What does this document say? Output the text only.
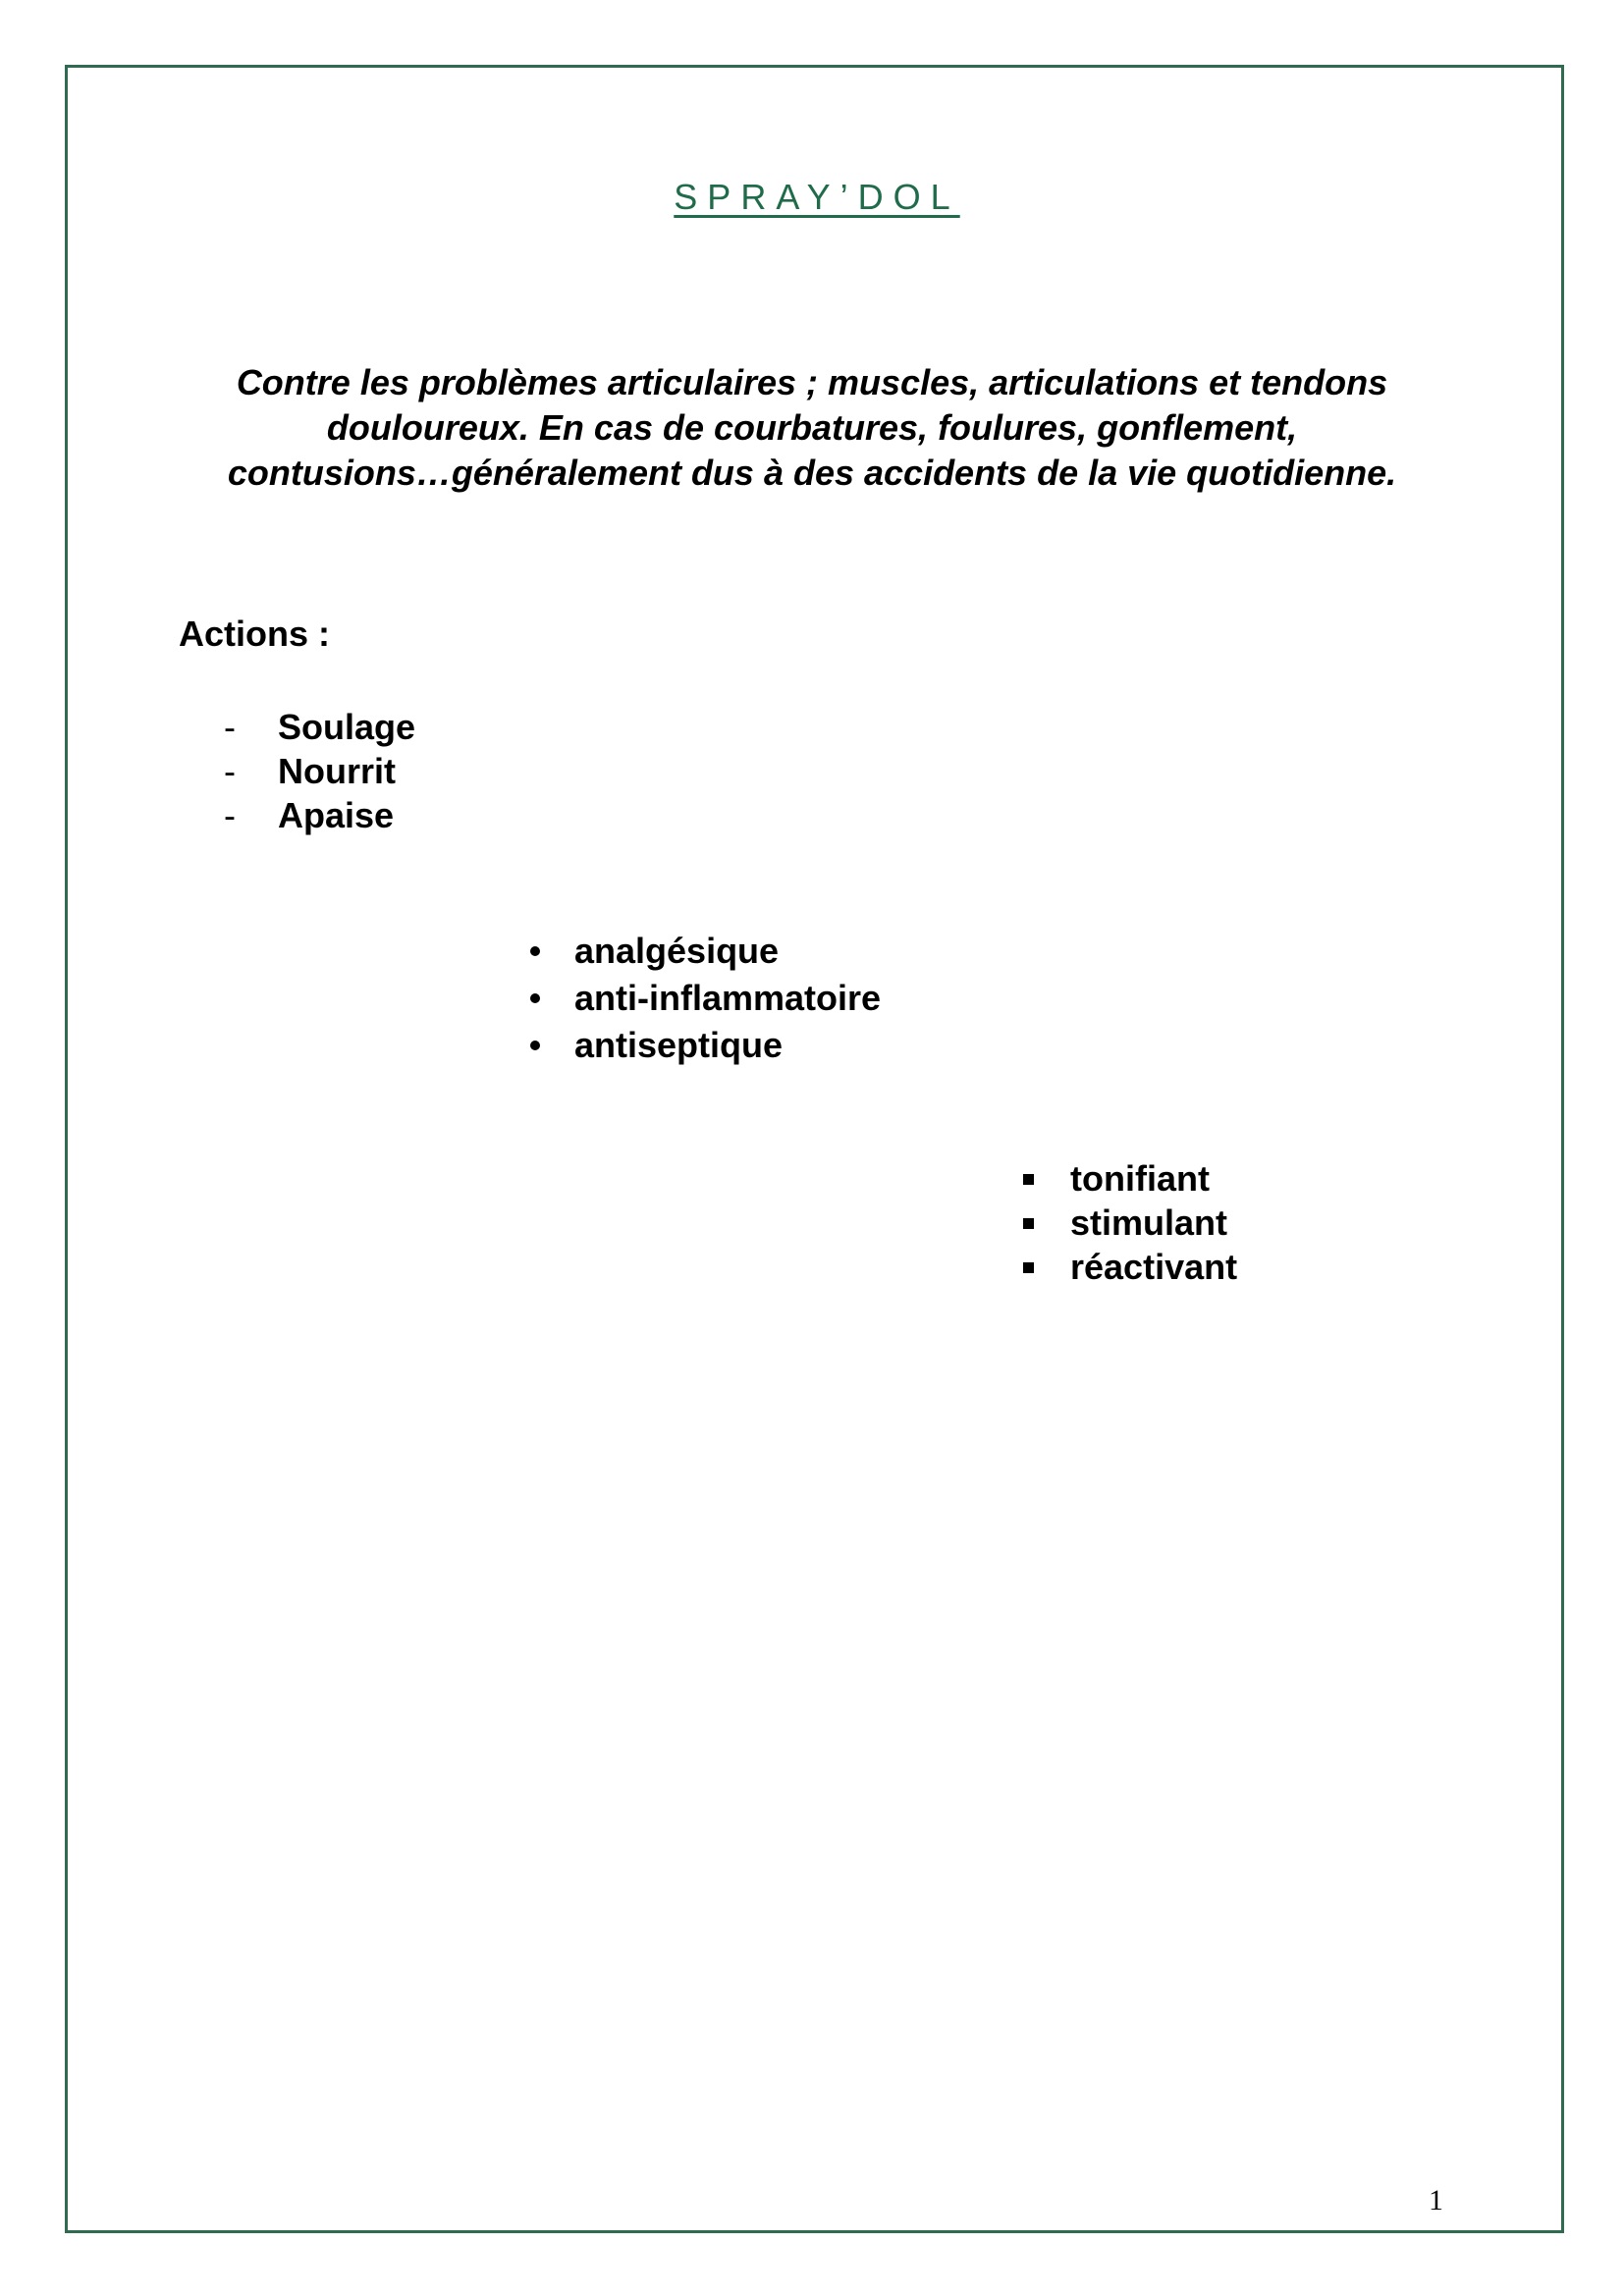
SPRAY’DOL
Contre les problèmes articulaires ; muscles, articulations et tendons
douloureux. En cas de courbatures, foulures, gonflement,
contusions…généralement dus à des accidents de la vie quotidienne.
Actions :
- Soulage
- Nourrit
- Apaise
analgésique
anti-inflammatoire
antiseptique
tonifiant
stimulant
réactivant
1
